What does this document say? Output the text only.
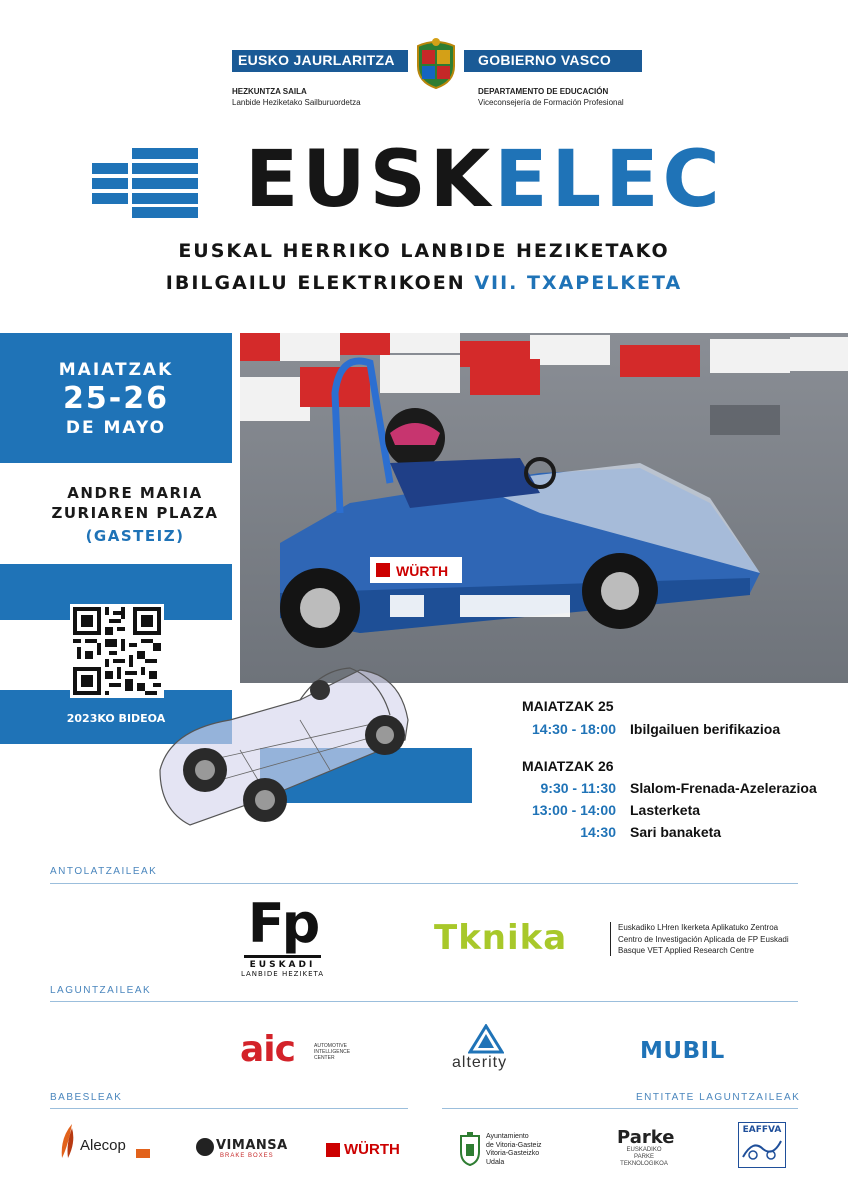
EUSKO JAURLARITZA	GOBIERNO VASCO
HEZKUNTZA SAILA
Lanbide Heziketako Sailburuordetza
DEPARTAMENTO DE EDUCACIÓN
Viceconsejería de Formación Profesional
EUSKELEC
EUSKAL HERRIKO LANBIDE HEZIKETAKO
IBILGAILU ELEKTRIKOEN VII. TXAPELKETA
MAIATZAK
25-26
DE MAYO
ANDRE MARIA
ZURIAREN PLAZA
(GASTEIZ)
2023KO BIDEOA
WÜRTH
MAIATZAK 25
14:30 - 18:00 Ibilgailuen berifikazioa
MAIATZAK 26
9:30 - 11:30 Slalom-Frenada-Azelerazioa
13:00 - 14:00 Lasterketa
14:30 Sari banaketa
ANTOLATZAILEAK
Fp
EUSKADI
LANBIDE HEZIKETA
Tknika	Euskadiko LHren Ikerketa Aplikatuko Zentroa
Centro de Investigación Aplicada de FP Euskadi
Basque VET Applied Research Centre
LAGUNTZAILEAK
aic	AUTOMOTIVE INTELLIGENCE CENTER	alterity	MUBIL
BABESLEAK
Alecop	VIMANSA
BRAKE BOXES	WÜRTH
ENTITATE LAGUNTZAILEAK
Ayuntamiento
de Vitoria-Gasteiz
Vitoria-Gasteizko
Udala
Parke
EUSKADIKO
PARKE
TEKNOLOGIKOA
EAFFVA
